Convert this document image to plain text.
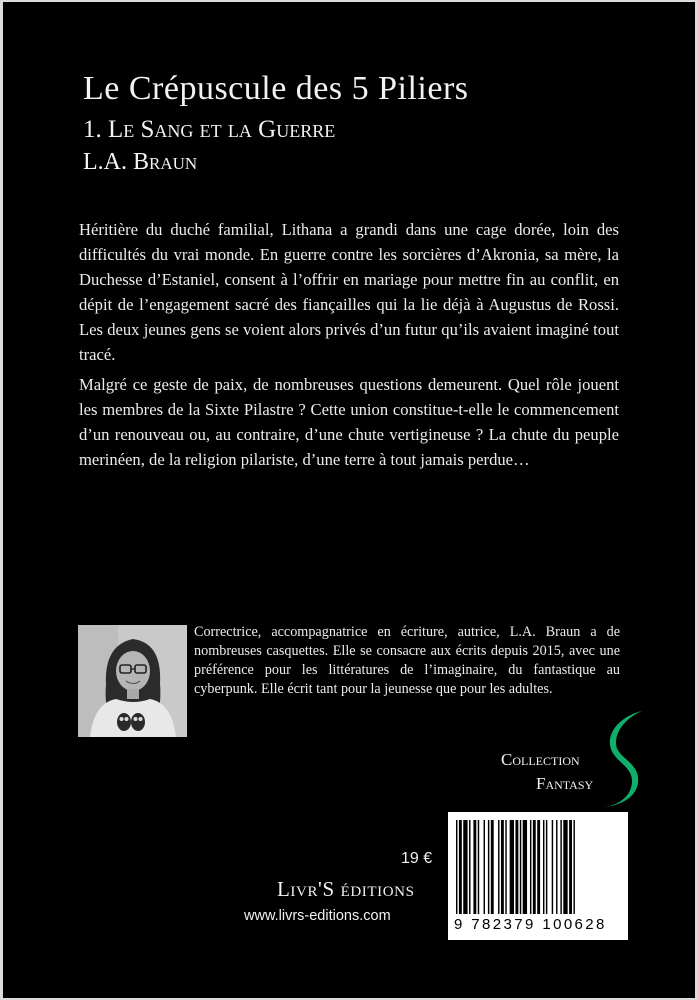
Le Crépuscule des 5 Piliers
1. Le Sang et la Guerre
L.A. Braun

Héritière du duché familial, Lithana a grandi dans une cage dorée, loin des difficultés du vrai monde. En guerre contre les sorcières d’Akronia, sa mère, la Duchesse d’Estaniel, consent à l’offrir en mariage pour mettre fin au conflit, en dépit de l’engagement sacré des fiançailles qui la lie déjà à Augustus de Rossi. Les deux jeunes gens se voient alors privés d’un futur qu’ils avaient imaginé tout tracé.

Malgré ce geste de paix, de nombreuses questions demeurent. Quel rôle jouent les membres de la Sixte Pilastre ? Cette union constitue-t-elle le commencement d’un renouveau ou, au contraire, d’une chute vertigineuse ? La chute du peuple merinéen, de la religion pilariste, d’une terre à tout jamais perdue…

Correctrice, accompagnatrice en écriture, autrice, L.A. Braun a de nombreuses casquettes. Elle se consacre aux écrits depuis 2015, avec une préférence pour les littératures de l’imaginaire, du fantastique au cyberpunk. Elle écrit tant pour la jeunesse que pour les adultes.

Collection
Fantasy
19 €
Livr'S éditions
www.livrs-editions.com	9 782379 100628
